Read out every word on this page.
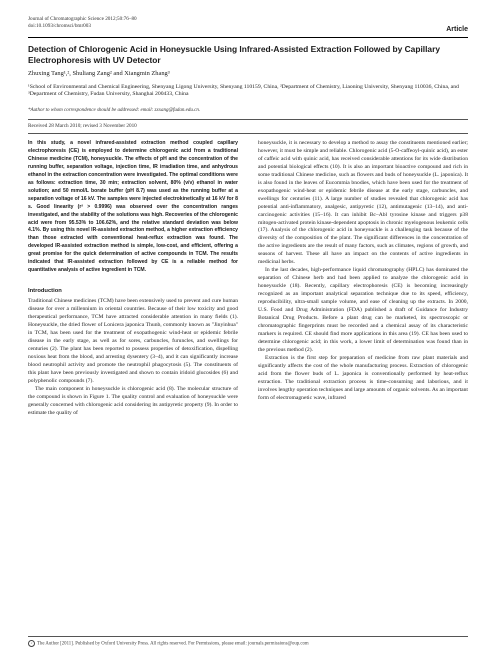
Journal of Chromatographic Science 2012;50:76–80
doi:10.1093/chromsci/bmr003	Article
Detection of Chlorogenic Acid in Honeysuckle Using Infrared-Assisted Extraction Followed by Capillary Electrophoresis with UV Detector
Zhuxing Tang¹,², Shuliang Zang² and Xiangmin Zhang³
¹School of Environmental and Chemical Engineering, Shenyang Ligong University, Shenyang 110159, China, ²Department of Chemistry, Liaoning University, Shenyang 110036, China, and ³Department of Chemistry, Fudan University, Shanghai 200433, China
*Author to whom correspondence should be addressed: email: zxxang@fudan.edu.cn.
Received 28 March 2010; revised 3 November 2010
In this study, a novel infrared-assisted extraction method coupled capillary electrophoresis (CE) is employed to determine chlorogenic acid from a traditional Chinese medicine (TCM), honeysuckle. The effects of pH and the concentration of the running buffer, separation voltage, injection time, IR irradiation time, and anhydrous ethanol in the extraction concentration were investigated. The optimal conditions were as follows: extraction time, 30 min; extraction solvent, 80% (v/v) ethanol in water solution; and 50 mmol/L borate buffer (pH 8.7) was used as the running buffer at a separation voltage of 16 kV. The samples were injected electrokinetically at 16 kV for 8 s. Good linearity (r² > 0.9996) was observed over the concentration ranges investigated, and the stability of the solutions was high. Recoveries of the chlorogenic acid were from 95.53% to 106.62%, and the relative standard deviation was below 4.1%. By using this novel IR-assisted extraction method, a higher extraction efficiency than those extracted with conventional heat-reflux extraction was found. The developed IR-assisted extraction method is simple, low-cost, and efficient, offering a great promise for the quick determination of active compounds in TCM. The results indicated that IR-assisted extraction followed by CE is a reliable method for quantitative analysis of active ingredient in TCM.
Introduction

Traditional Chinese medicines (TCM) have been extensively used to prevent and cure human disease for over a millennium in oriental countries. Because of their low toxicity and good therapeutical performance, TCM have attracted considerable attention in many fields (1). Honeysuckle, the dried flower of Lonicera japonica Thunb, commonly known as "Jinyinhua" in TCM, has been used for the treatment of exopathogenic wind-heat or epidemic febrile disease in the early stage, as well as for sores, carbuncles, furuncles, and swellings for centuries (2). The plant has been reported to possess properties of detoxification, dispelling noxious heat from the blood, and arresting dysentery (3–4), and it can significantly increase blood neutrophil activity and promote the neutrophil phagocytosis (5). The constituents of this plant have been previously investigated and shown to contain iridoid glucosides (6) and polyphenolic compounds (7).

The main component in honeysuckle is chlorogenic acid (8). The molecular structure of the compound is shown in Figure 1. The quality control and evaluation of honeysuckle were generally concerned with chlorogenic acid considering its antipyretic property (9). In order to estimate the quality of

honeysuckle, it is necessary to develop a method to assay the constituents mentioned earlier; however, it must be simple and reliable. Chlorogenic acid (5-O-caffeoyl-quinic acid), an ester of caffeic acid with quinic acid, has received considerable attentions for its wide distribution and potential biological effects (10). It is also an important bioactive compound and rich in some traditional Chinese medicine, such as flowers and buds of honeysuckle (L. japonica). It is also found in the leaves of Eucommia bnodies, which have been used for the treatment of exopathogenic wind-heat or epidemic febrile disease at the early stage, carbuncles, and swellings for centuries (11). A large number of studies revealed that chlorogenic acid has potential anti-inflammatory, analgesic, antipyretic (12), antimutagenic (13–14), and anti-carcinogenic activities (15–16). It can inhibit Bc–Abl tyrosine kinase and triggers p38 mitogen-activated protein kinase-dependent apoptosis in chronic myelogenous leukemic cells (17). Analysis of the chlorogenic acid in honeysuckle is a challenging task because of the diversity of the composition of the plant. The significant differences in the concentration of the active ingredients are the result of many factors, such as climates, regions of growth, and seasons of harvest. These all have an impact on the contents of active ingredients in medicinal herbs.

In the last decades, high-performance liquid chromatography (HPLC) has dominated the separation of Chinese herb and had been applied to analyze the chlorogenic acid in honeysuckle (18). Recently, capillary electrophoresis (CE) is becoming increasingly recognized as an important analytical separation technique due to its speed, efficiency, reproducibility, ultra-small sample volume, and ease of cleaning up the extracts. In 2000, U.S. Food and Drug Administration (FDA) published a draft of Guidance for Industry Botanical Drug Products. Before a plant drug can be marketed, its spectroscopic or chromatographic fingerprints must be recorded and a chemical assay of its characteristic markers is required. CE should find more applications in this area (19). CE has been used to determine chlorogenic acid; in this work, a lower limit of determination was found than in the previous method (2).

Extraction is the first step for preparation of medicine from raw plant materials and significantly affects the cost of the whole manufacturing process. Extraction of chlorogenic acid from the flower buds of L. japonica is conventionally performed by heat-reflux extraction. The traditional extraction process is time-consuming and laborious, and it involves lengthy operation techniques and large amounts of organic solvents. As an important form of electromagnetic wave, infrared

c The Author [2011]. Published by Oxford University Press. All rights reserved. For Permissions, please email: journals.permissions@oup.com
